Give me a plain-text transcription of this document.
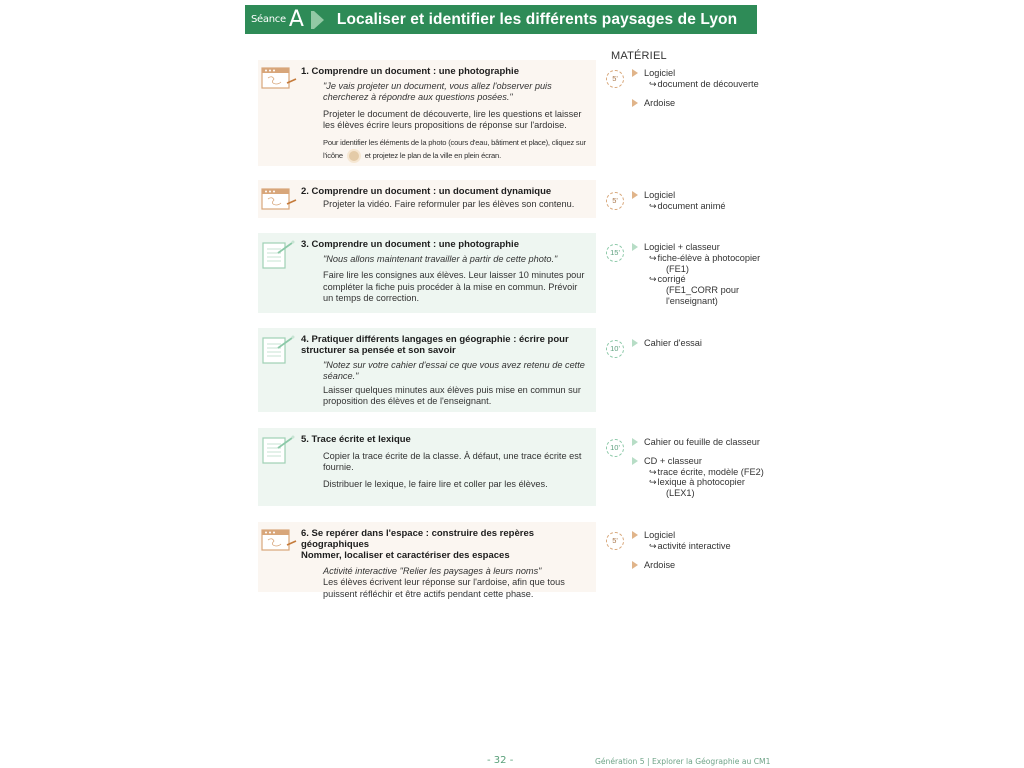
Séance A Localiser et identifier les différents paysages de Lyon
MATÉRIEL
1. Comprendre un document : une photographie

"Je vais projeter un document, vous allez l'observer puis chercherez à répondre aux questions posées."

Projeter le document de découverte, lire les questions et laisser les élèves écrire leurs propositions de réponse sur l'ardoise.

Pour identifier les éléments de la photo (cours d'eau, bâtiment et place), cliquez sur l'icône	et projetez le plan de la ville en plein écran.

5'
Logiciel
↪document de découverte
Ardoise
2. Comprendre un document : un document dynamique

Projeter la vidéo. Faire reformuler par les élèves son contenu.	5'
Logiciel
↪document animé
3. Comprendre un document : une photographie

"Nous allons maintenant travailler à partir de cette photo."

Faire lire les consignes aux élèves. Leur laisser 10 minutes pour compléter la fiche puis procéder à la mise en commun. Prévoir un temps de correction.

15'
Logiciel + classeur
↪fiche-élève à photocopier
(FE1)
↪corrigé
(FE1_CORR pour
l'enseignant)
4. Pratiquer différents langages en géographie : écrire pour structurer sa pensée et son savoir

"Notez sur votre cahier d'essai ce que vous avez retenu de cette séance."

Laisser quelques minutes aux élèves puis mise en commun sur proposition des élèves et de l'enseignant.

10'
Cahier d'essai
5. Trace écrite et lexique

Copier la trace écrite de la classe. À défaut, une trace écrite est fournie.

Distribuer le lexique, le faire lire et coller par les élèves.

10'
Cahier ou feuille de classeur
CD + classeur
↪trace écrite, modèle (FE2)
↪lexique à photocopier
(LEX1)
6. Se repérer dans l'espace : construire des repères géographiques
Nommer, localiser et caractériser des espaces

Activité interactive "Relier les paysages à leurs noms"

Les élèves écrivent leur réponse sur l'ardoise, afin que tous puissent réfléchir et être actifs pendant cette phase.

5'
Logiciel
↪activité interactive
Ardoise
- 32 -	Génération 5 | Explorer la Géographie au CM1
